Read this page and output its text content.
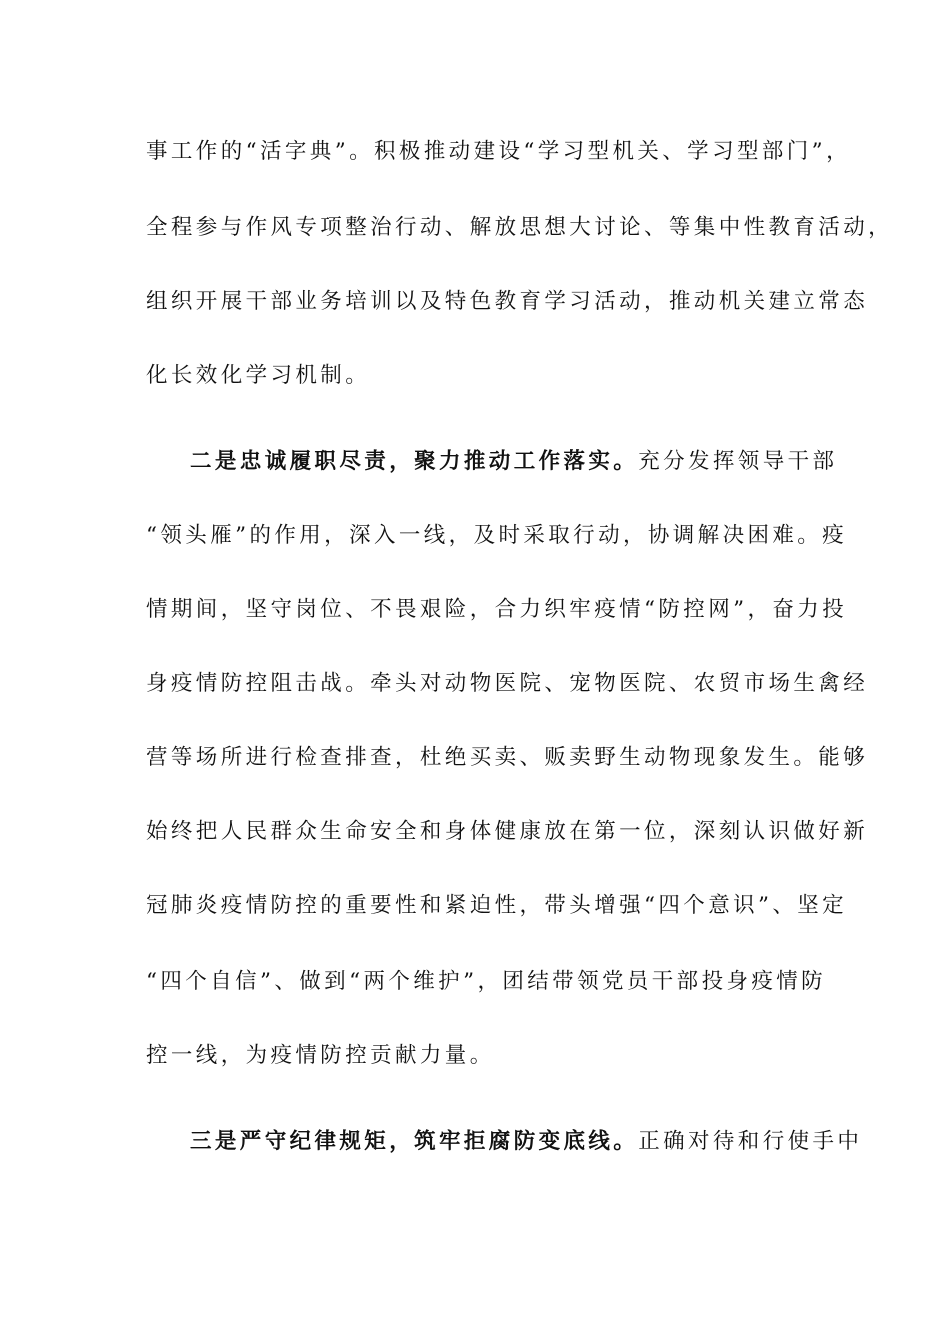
事工作的“活字典”。积极推动建设“学习型机关、学习型部门”，
全程参与作风专项整治行动、解放思想大讨论、等集中性教育活动，
组织开展干部业务培训以及特色教育学习活动，推动机关建立常态
化长效化学习机制。
二是忠诚履职尽责，聚力推动工作落实。充分发挥领导干部
“领头雁”的作用，深入一线，及时采取行动，协调解决困难。疫
情期间，坚守岗位、不畏艰险，合力织牢疫情“防控网”，奋力投
身疫情防控阻击战。牵头对动物医院、宠物医院、农贸市场生禽经
营等场所进行检查排查，杜绝买卖、贩卖野生动物现象发生。能够
始终把人民群众生命安全和身体健康放在第一位，深刻认识做好新
冠肺炎疫情防控的重要性和紧迫性，带头增强“四个意识”、坚定
“四个自信”、做到“两个维护”，团结带领党员干部投身疫情防
控一线，为疫情防控贡献力量。
三是严守纪律规矩，筑牢拒腐防变底线。正确对待和行使手中
